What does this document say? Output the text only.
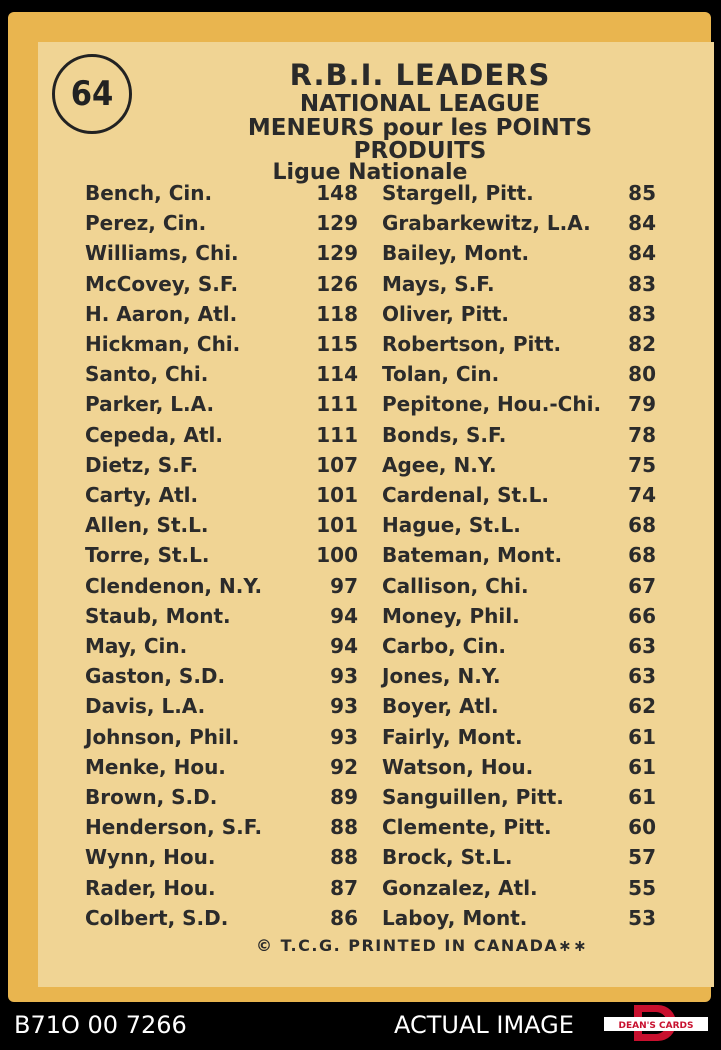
64	R.B.I. LEADERS
NATIONAL LEAGUE
MENEURS pour les POINTS
PRODUITS
Ligue Nationale
Bench, Cin.	148 Stargell, Pitt.	85
Perez, Cin.	129 Grabarkewitz, L.A.	84
Williams, Chi.	129 Bailey, Mont.	84
McCovey, S.F.	126 Mays, S.F.	83
H. Aaron, Atl.	118 Oliver, Pitt.	83
Hickman, Chi.	115 Robertson, Pitt.	82
Santo, Chi.	114 Tolan, Cin.	80
Parker, L.A.	111 Pepitone, Hou.-Chi.	79
Cepeda, Atl.	111 Bonds, S.F.	78
Dietz, S.F.	107 Agee, N.Y.	75
Carty, Atl.	101 Cardenal, St.L.	74
Allen, St.L.	101 Hague, St.L.	68
Torre, St.L.	100 Bateman, Mont.	68
Clendenon, N.Y.	97 Callison, Chi.	67
Staub, Mont.	94 Money, Phil.	66
May, Cin.	94 Carbo, Cin.	63
Gaston, S.D.	93 Jones, N.Y.	63
Davis, L.A.	93 Boyer, Atl.	62
Johnson, Phil.	93 Fairly, Mont.	61
Menke, Hou.	92 Watson, Hou.	61
Brown, S.D.	89 Sanguillen, Pitt.	61
Henderson, S.F.	88 Clemente, Pitt.	60
Wynn, Hou.	88 Brock, St.L.	57
Rader, Hou.	87 Gonzalez, Atl.	55
Colbert, S.D.	86 Laboy, Mont.	53
© T.C.G. PRINTED IN CANADA∗∗
B71O 00 7266	ACTUAL IMAGE	DEAN'S CARDS
